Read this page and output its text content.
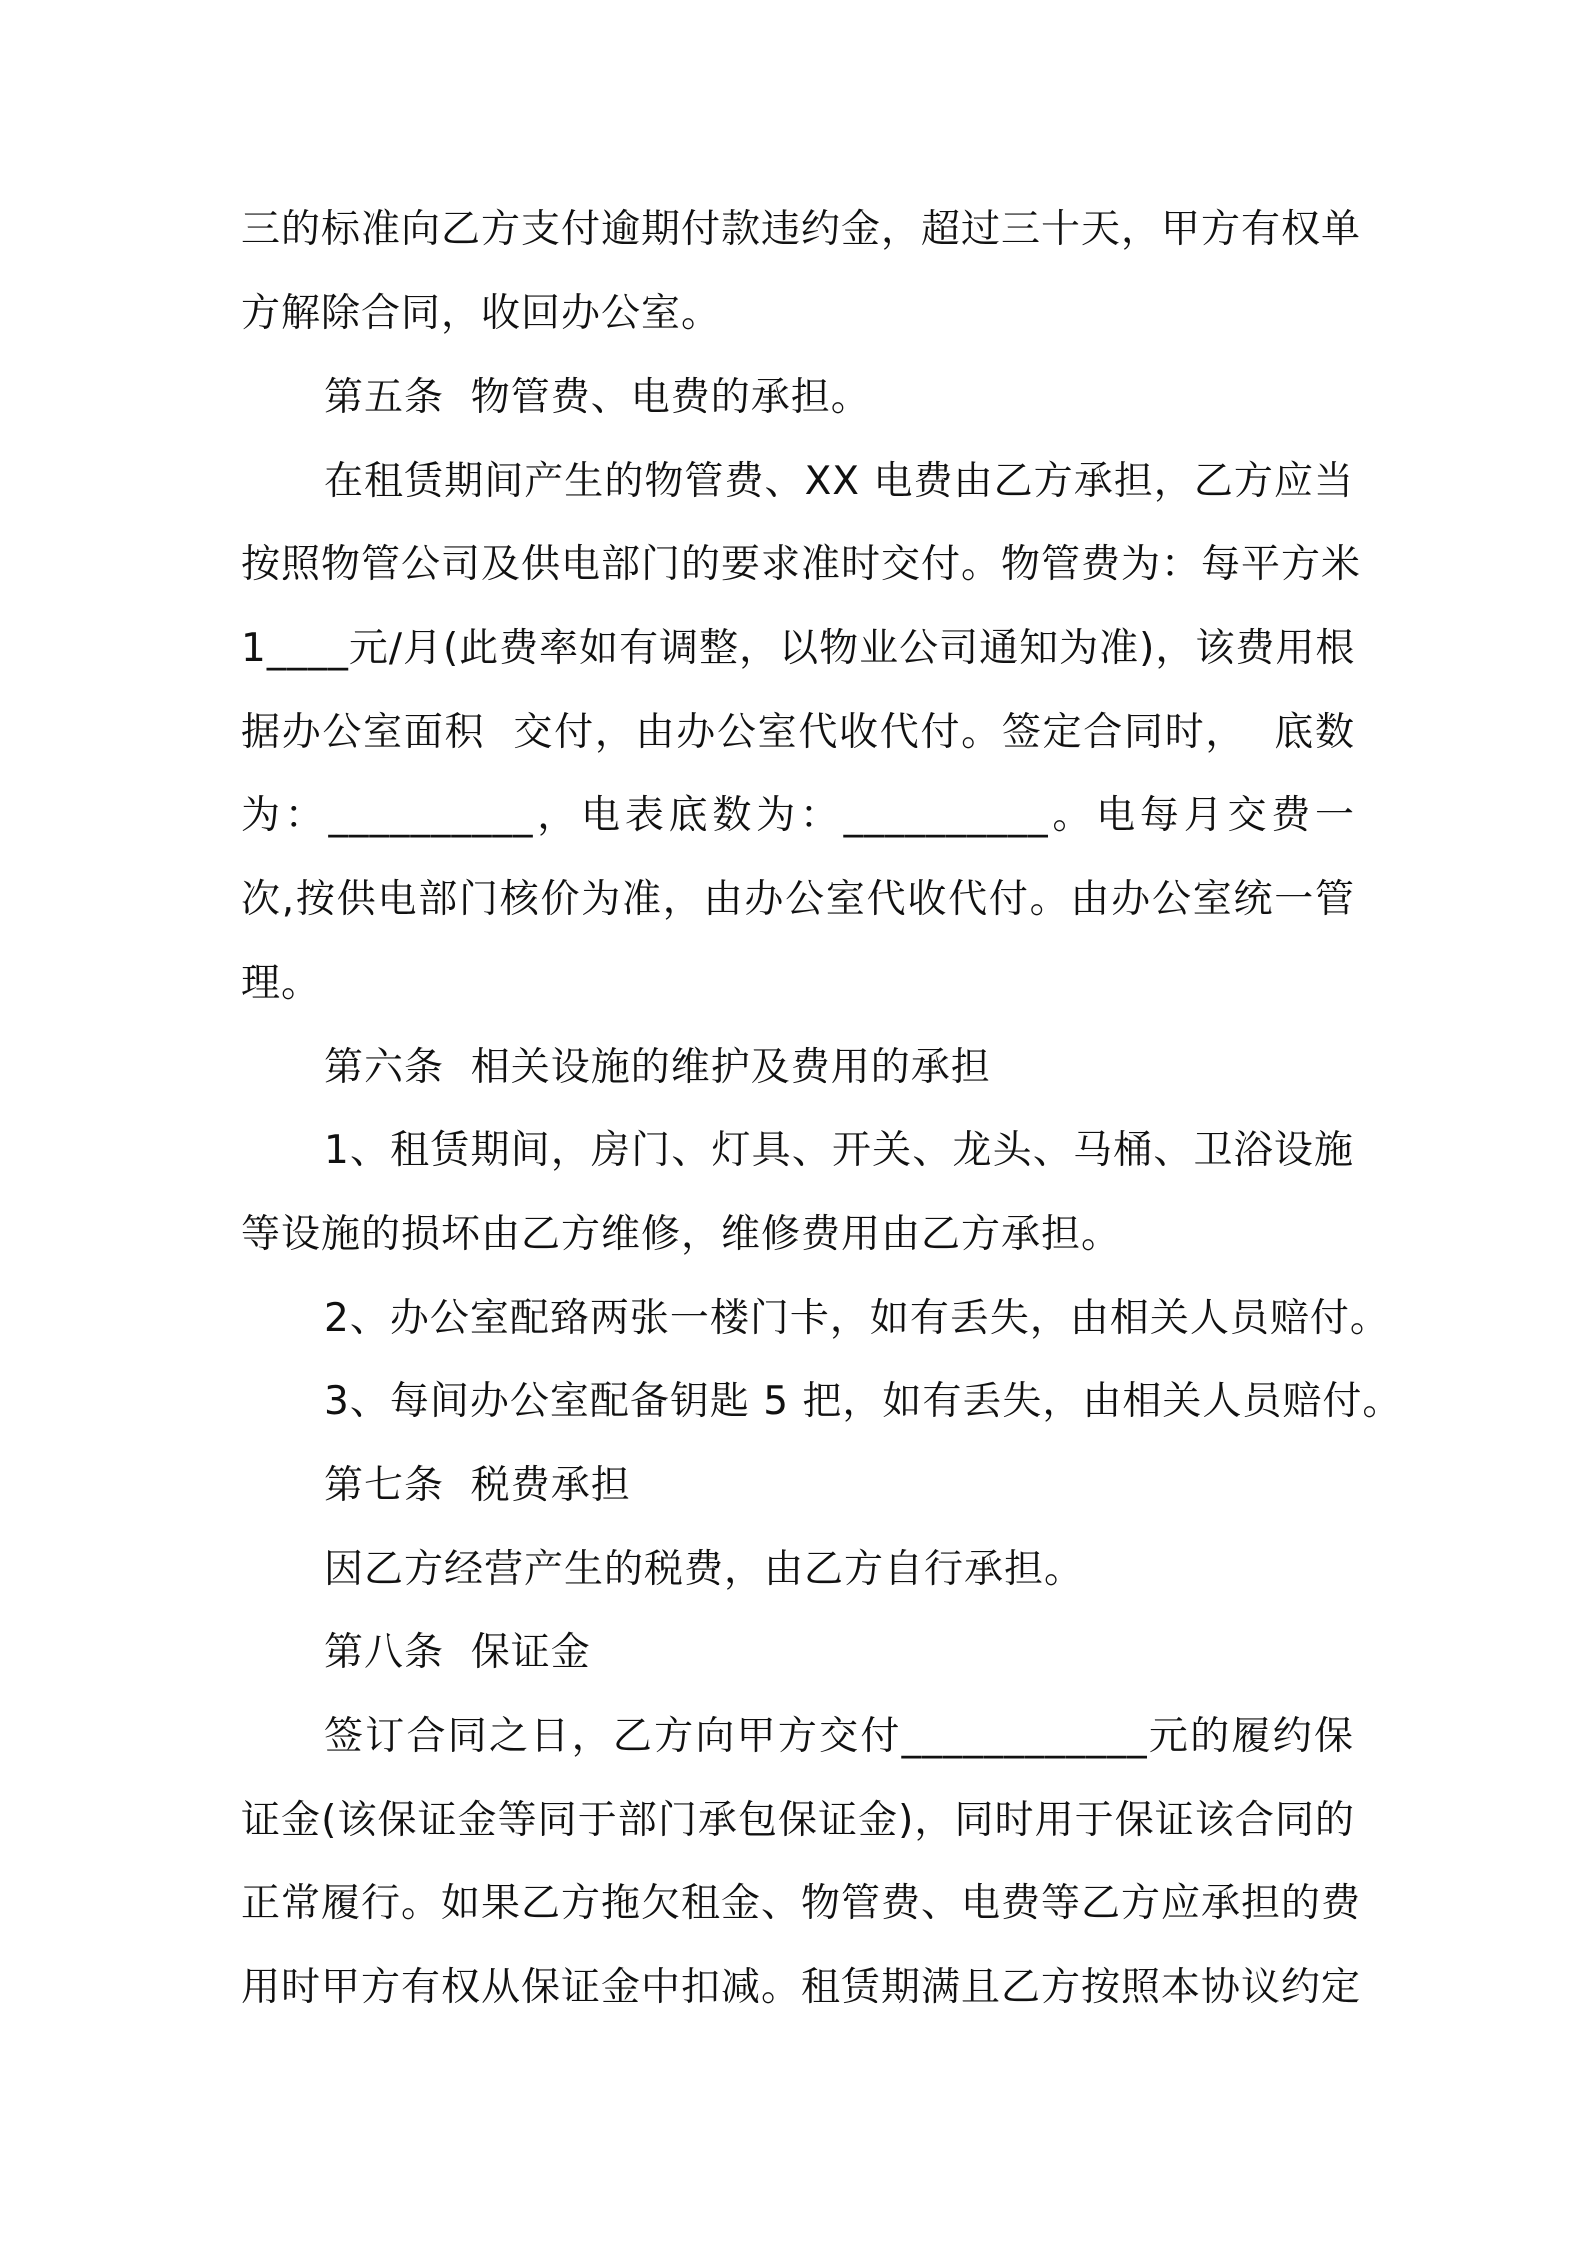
三的标准向乙方支付逾期付款违约金，超过三十天，甲方有权单

方解除合同，收回办公室。

第五条  物管费、电费的承担。

在租赁期间产生的物管费、XX 电费由乙方承担，乙方应当

按照物管公司及供电部门的要求准时交付。物管费为：每平方米

1____元/月(此费率如有调整，以物业公司通知为准)，该费用根

据办公室面积  交付，由办公室代收代付。签定合同时，  底数

为：__________，电表底数为：__________。电每月交费一

次,按供电部门核价为准，由办公室代收代付。由办公室统一管

理。

第六条  相关设施的维护及费用的承担

1、租赁期间，房门、灯具、开关、龙头、马桶、卫浴设施

等设施的损坏由乙方维修，维修费用由乙方承担。

2、办公室配臵两张一楼门卡，如有丢失，由相关人员赔付。

3、每间办公室配备钥匙 5 把，如有丢失，由相关人员赔付。

第七条  税费承担

因乙方经营产生的税费，由乙方自行承担。

第八条  保证金

签订合同之日，乙方向甲方交付____________元的履约保

证金(该保证金等同于部门承包保证金)，同时用于保证该合同的

正常履行。如果乙方拖欠租金、物管费、电费等乙方应承担的费

用时甲方有权从保证金中扣减。租赁期满且乙方按照本协议约定
